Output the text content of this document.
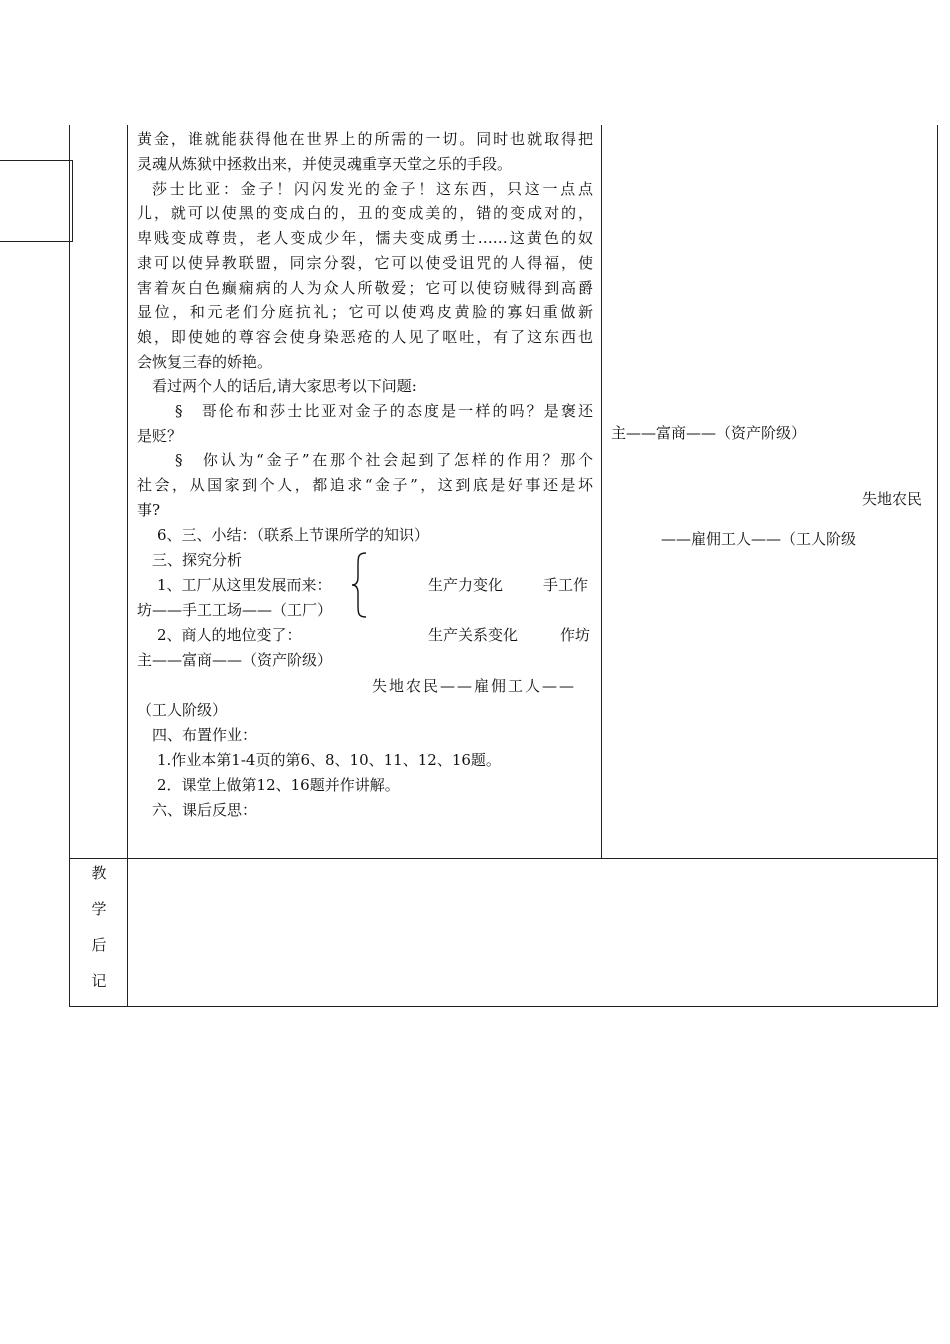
黄金，谁就能获得他在世界上的所需的一切。同时也就取得把
灵魂从炼狱中拯救出来，并使灵魂重享天堂之乐的手段。
莎士比亚：金子！闪闪发光的金子！这东西，只这一点点
儿，就可以使黑的变成白的，丑的变成美的，错的变成对的，
卑贱变成尊贵，老人变成少年，懦夫变成勇士……这黄色的奴
隶可以使异教联盟，同宗分裂，它可以使受诅咒的人得福，使
害着灰白色癫痫病的人为众人所敬爱；它可以使窃贼得到高爵
显位，和元老们分庭抗礼；它可以使鸡皮黄脸的寡妇重做新
娘，即使她的尊容会使身染恶疮的人见了呕吐，有了这东西也
会恢复三春的娇艳。
看过两个人的话后,请大家思考以下问题:
§　哥伦布和莎士比亚对金子的态度是一样的吗？是褒还
是贬？
§　你认为“金子”在那个社会起到了怎样的作用？那个
社会，从国家到个人，都追求“金子”，这到底是好事还是坏
事?
6、三、小结：（联系上节课所学的知识）
三、探究分析
1、工厂从这里发展而来：	生产力变化	手工作
坊——手工工场——（工厂）
2、商人的地位变了：	生产关系变化	作坊
主——富商——（资产阶级）
失地农民——雇佣工人——
（工人阶级）
四、布置作业：
1.作业本第1-4页的第6、8、10、11、12、16题。
2．课堂上做第12、16题并作讲解。
六、课后反思：
主——富商——（资产阶级）
失地农民
——雇佣工人——（工人阶级
教
学
后
记
